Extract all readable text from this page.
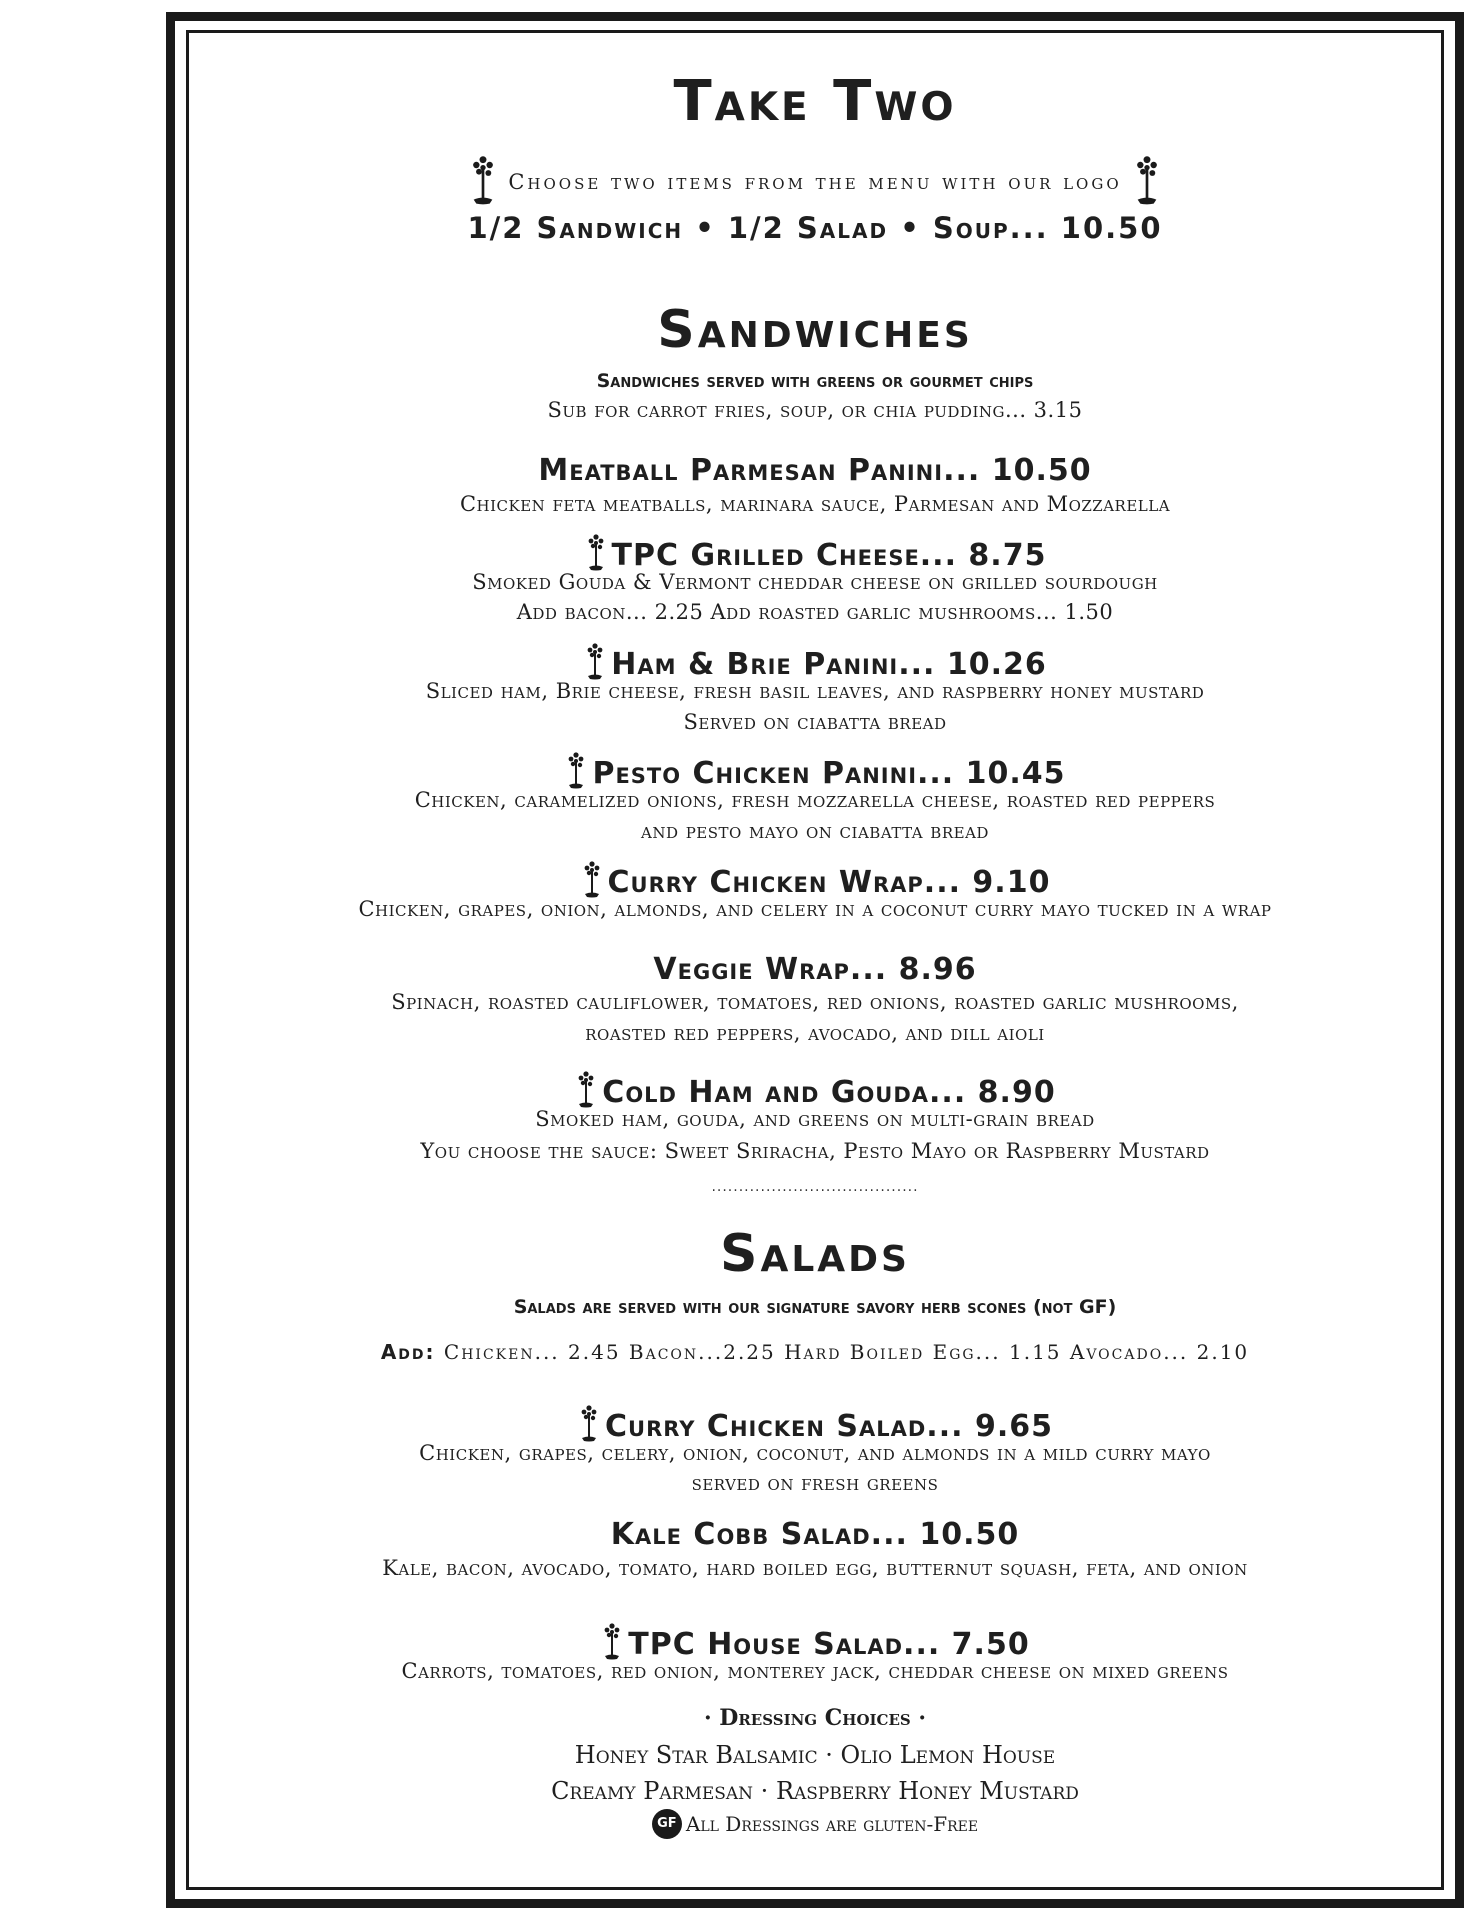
Take Two
Choose two items from the menu with our logo
1/2 Sandwich • 1/2 Salad • Soup... 10.50
Sandwiches
Sandwiches served with greens or gourmet chips
Sub for carrot fries, soup, or chia pudding... 3.15
Meatball Parmesan Panini... 10.50
Chicken feta meatballs, marinara sauce, Parmesan and Mozzarella
TPC Grilled Cheese... 8.75
Smoked Gouda & Vermont cheddar cheese on grilled sourdough
Add bacon... 2.25 Add roasted garlic mushrooms... 1.50
Ham & Brie Panini... 10.26
Sliced ham, Brie cheese, fresh basil leaves, and raspberry honey mustard
Served on ciabatta bread
Pesto Chicken Panini... 10.45
Chicken, caramelized onions, fresh mozzarella cheese, roasted red peppers
and pesto mayo on ciabatta bread
Curry Chicken Wrap... 9.10
Chicken, grapes, onion, almonds, and celery in a coconut curry mayo tucked in a wrap
Veggie Wrap... 8.96
Spinach, roasted cauliflower, tomatoes, red onions, roasted garlic mushrooms,
roasted red peppers, avocado, and dill aioli
Cold Ham and Gouda... 8.90
Smoked ham, gouda, and greens on multi-grain bread
You choose the sauce: Sweet Sriracha, Pesto Mayo or Raspberry Mustard
......................................
Salads
Salads are served with our signature savory herb scones (not GF)
Add: Chicken... 2.45 Bacon...2.25 Hard Boiled Egg... 1.15 Avocado... 2.10
Curry Chicken Salad... 9.65
Chicken, grapes, celery, onion, coconut, and almonds in a mild curry mayo
served on fresh greens
Kale Cobb Salad... 10.50
Kale, bacon, avocado, tomato, hard boiled egg, butternut squash, feta, and onion
TPC House Salad... 7.50
Carrots, tomatoes, red onion, monterey jack, cheddar cheese on mixed greens
· Dressing Choices ·
Honey Star Balsamic · Olio Lemon House
Creamy Parmesan · Raspberry Honey Mustard
GF All Dressings are gluten-Free
